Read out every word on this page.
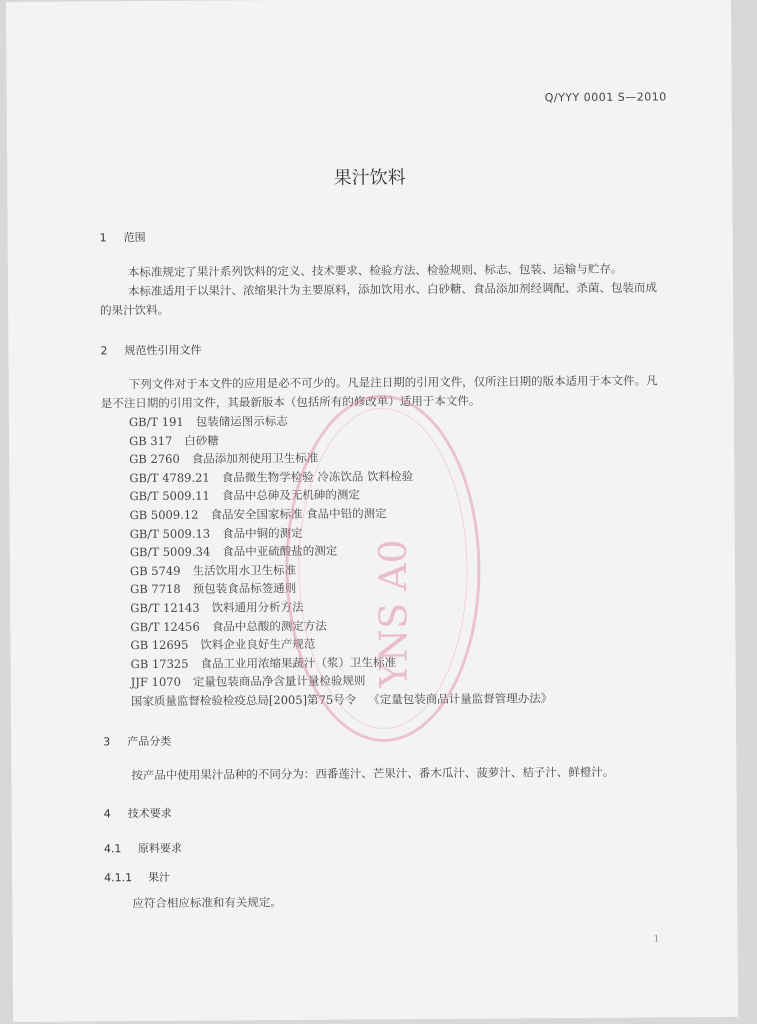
Q/YYY 0001 S—2010
果汁饮料
1 范围
本标准规定了果汁系列饮料的定义、技术要求、检验方法、检验规则、标志、包装、运输与贮存。
本标准适用于以果汁、浓缩果汁为主要原料，添加饮用水、白砂糖、食品添加剂经调配、杀菌、包装而成的果汁饮料。
2 规范性引用文件
下列文件对于本文件的应用是必不可少的。凡是注日期的引用文件，仅所注日期的版本适用于本文件。凡是不注日期的引用文件，其最新版本（包括所有的修改单）适用于本文件。
GB/T 191 包装储运图示标志
GB 317 白砂糖
GB 2760 食品添加剂使用卫生标准
GB/T 4789.21 食品微生物学检验 冷冻饮品 饮料检验
GB/T 5009.11 食品中总砷及无机砷的测定
GB 5009.12 食品安全国家标准 食品中铅的测定
GB/T 5009.13 食品中铜的测定
GB/T 5009.34 食品中亚硫酸盐的测定
GB 5749 生活饮用水卫生标准
GB 7718 预包装食品标签通则
GB/T 12143 饮料通用分析方法
GB/T 12456 食品中总酸的测定方法
GB 12695 饮料企业良好生产规范
GB 17325 食品工业用浓缩果蔬汁（浆）卫生标准
JJF 1070 定量包装商品净含量计量检验规则
国家质量监督检验检疫总局[2005]第75号令 《定量包装商品计量监督管理办法》
3 产品分类
按产品中使用果汁品种的不同分为：西番莲汁、芒果汁、番木瓜汁、菠萝汁、桔子汁、鲜橙汁。
4 技术要求
4.1 原料要求
4.1.1 果汁
应符合相应标准和有关规定。
1
YNS A0
